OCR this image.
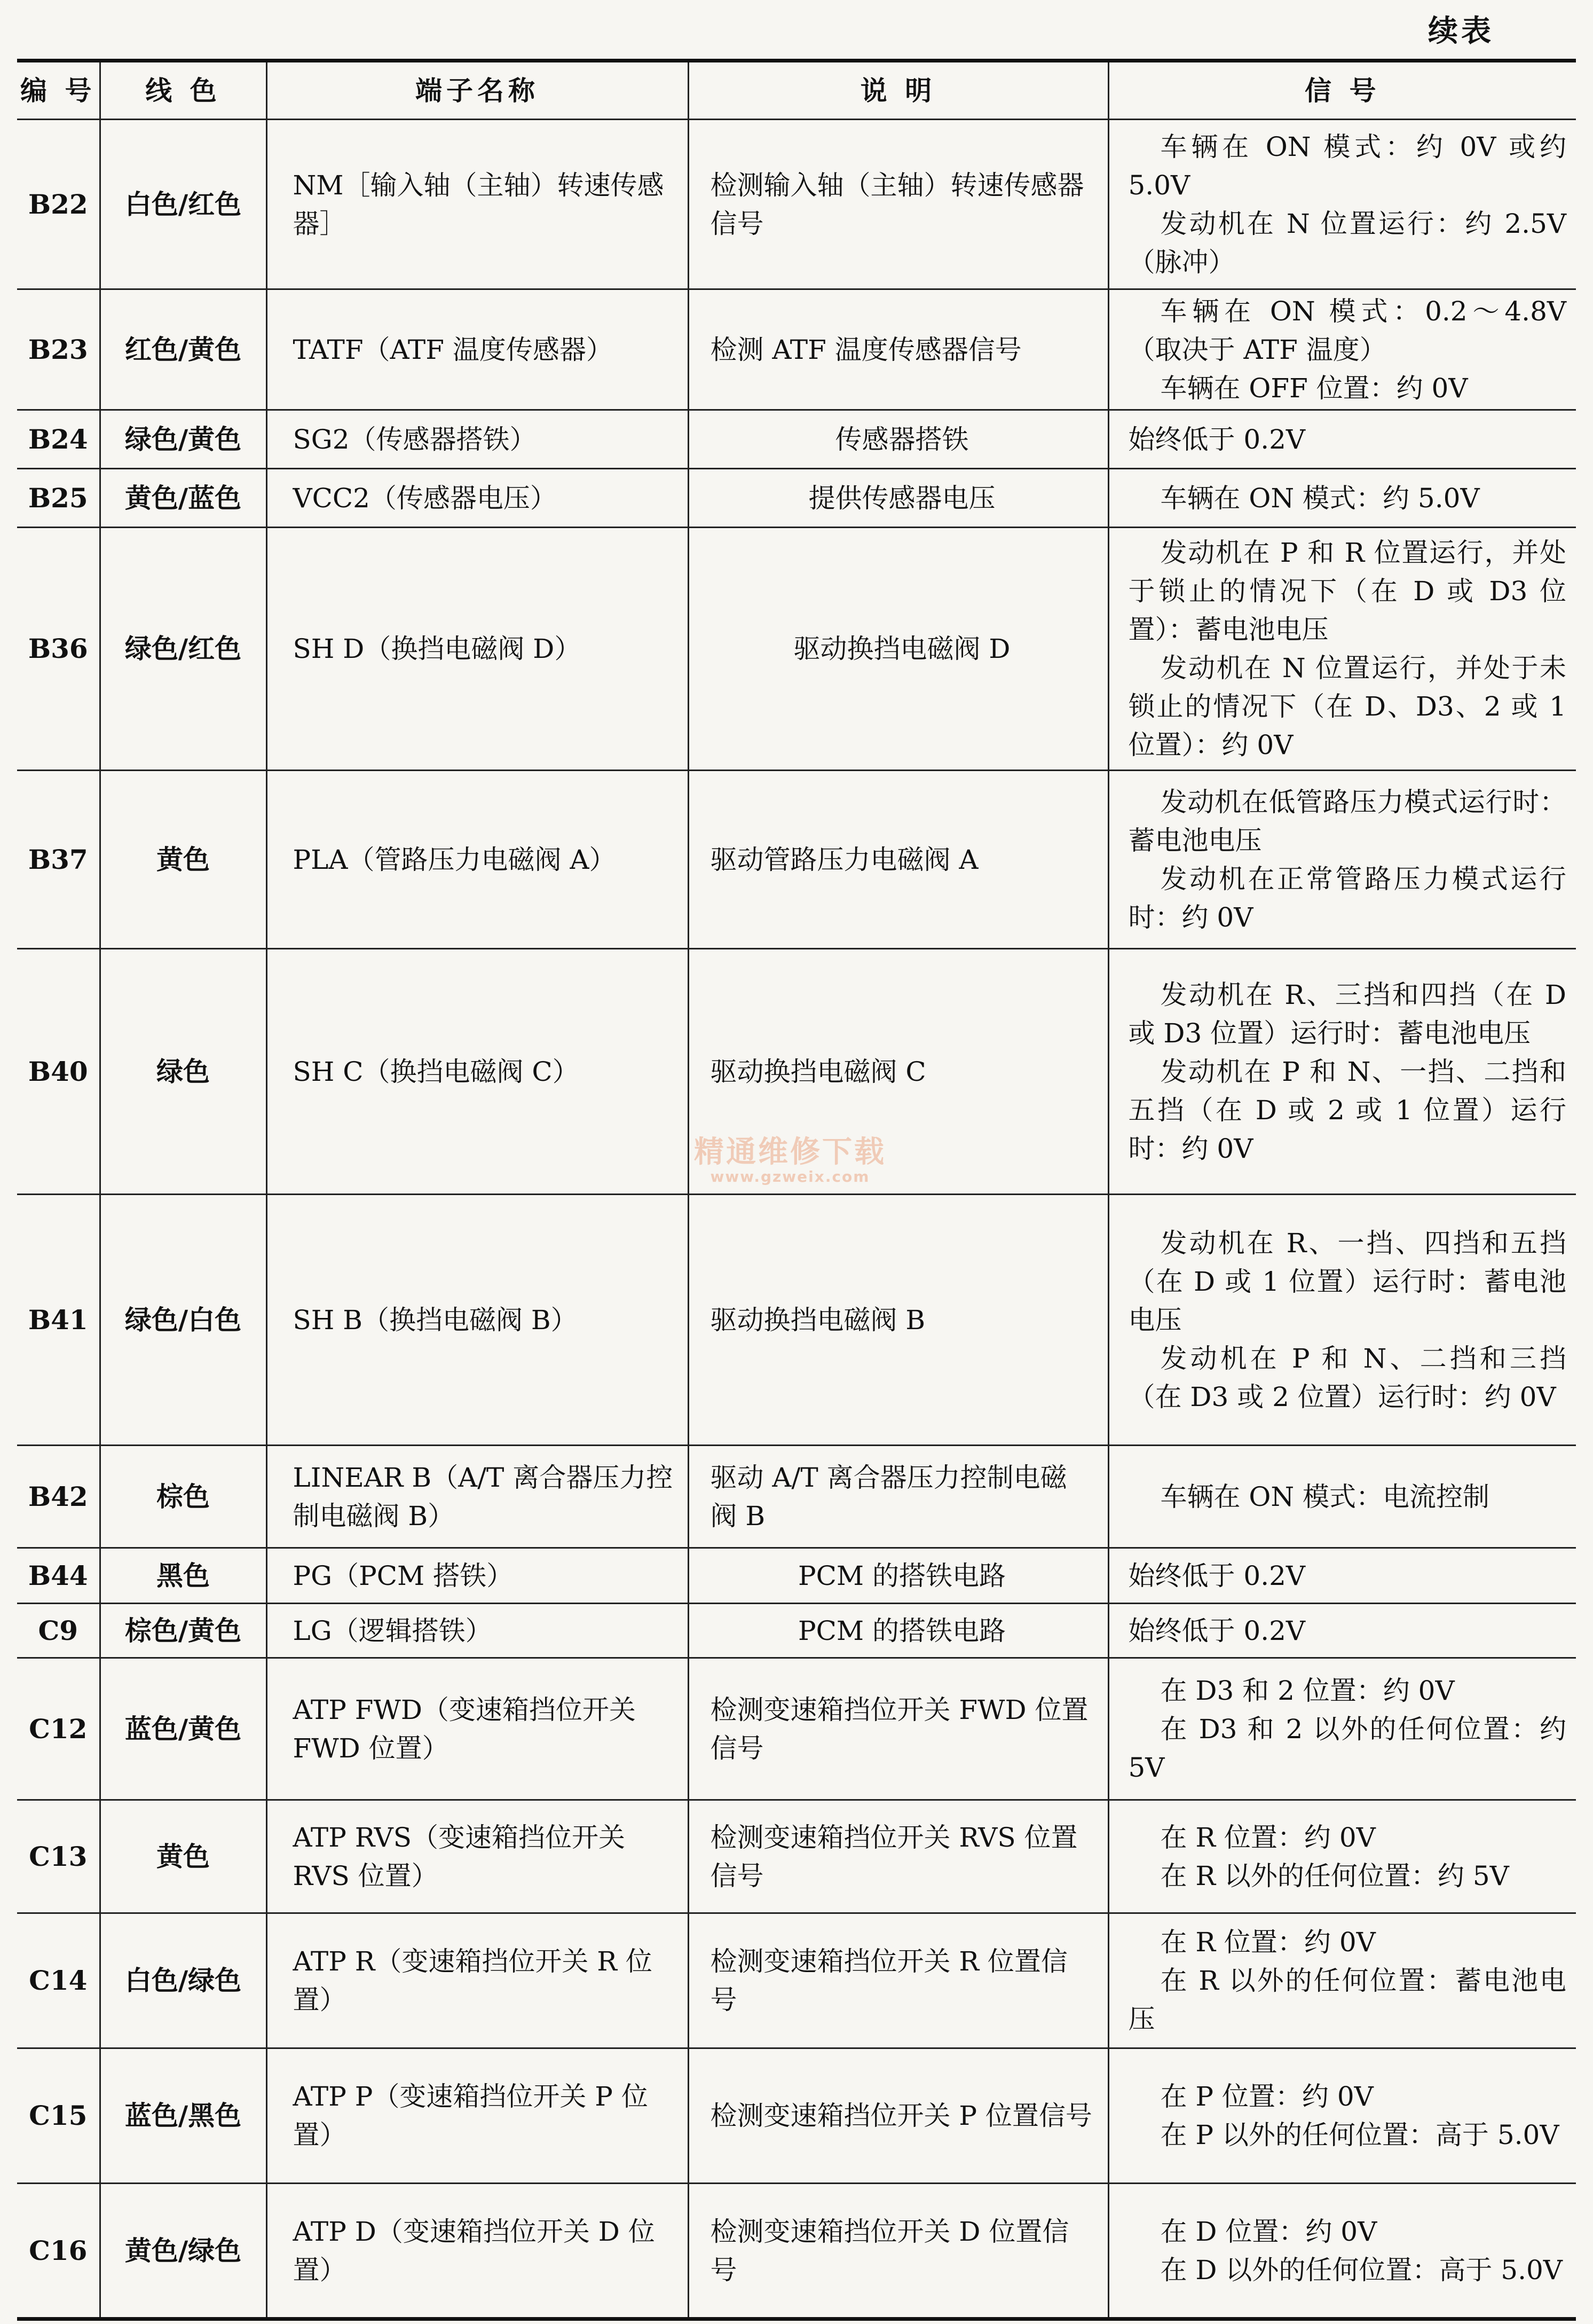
续表
编 号	线 色	端子名称	说 明	信 号
B22	白色/红色	NM［输入轴（主轴）转速传感器］	检测输入轴（主轴）转速传感器信号	车辆在 ON 模式：约 0V 或约 5.0V
发动机在 N 位置运行：约 2.5V（脉冲）

B23	红色/黄色	TATF（ATF 温度传感器）	检测 ATF 温度传感器信号	车辆在 ON 模式：0.2～4.8V（取决于 ATF 温度）
车辆在 OFF 位置：约 0V

B24	绿色/黄色	SG2（传感器搭铁）	传感器搭铁	始终低于 0.2V

B25	黄色/蓝色	VCC2（传感器电压）	提供传感器电压	车辆在 ON 模式：约 5.0V

B36	绿色/红色	SH D（换挡电磁阀 D）	驱动换挡电磁阀 D	发动机在 P 和 R 位置运行，并处于锁止的情况下（在 D 或 D3 位置）：蓄电池电压
发动机在 N 位置运行，并处于未锁止的情况下（在 D、D3、2 或 1 位置）：约 0V

B37	黄色	PLA（管路压力电磁阀 A）	驱动管路压力电磁阀 A	发动机在低管路压力模式运行时：蓄电池电压
发动机在正常管路压力模式运行时：约 0V

B40	绿色	SH C（换挡电磁阀 C）	驱动换挡电磁阀 C	发动机在 R、三挡和四挡（在 D 或 D3 位置）运行时：蓄电池电压
发动机在 P 和 N、一挡、二挡和五挡（在 D 或 2 或 1 位置）运行时：约 0V

B41	绿色/白色	SH B（换挡电磁阀 B）	驱动换挡电磁阀 B	发动机在 R、一挡、四挡和五挡（在 D 或 1 位置）运行时：蓄电池电压
发动机在 P 和 N、二挡和三挡（在 D3 或 2 位置）运行时：约 0V

B42	棕色	LINEAR B（A/T 离合器压力控制电磁阀 B）	驱动 A/T 离合器压力控制电磁阀 B	车辆在 ON 模式：电流控制

B44	黑色	PG（PCM 搭铁）	PCM 的搭铁电路	始终低于 0.2V

C9	棕色/黄色	LG（逻辑搭铁）	PCM 的搭铁电路	始终低于 0.2V

C12	蓝色/黄色	ATP FWD（变速箱挡位开关 FWD 位置）	检测变速箱挡位开关 FWD 位置信号	在 D3 和 2 位置：约 0V
在 D3 和 2 以外的任何位置：约 5V

C13	黄色	ATP RVS（变速箱挡位开关 RVS 位置）	检测变速箱挡位开关 RVS 位置信号	在 R 位置：约 0V
在 R 以外的任何位置：约 5V

C14	白色/绿色	ATP R（变速箱挡位开关 R 位置）	检测变速箱挡位开关 R 位置信号	在 R 位置：约 0V
在 R 以外的任何位置：蓄电池电压

C15	蓝色/黑色	ATP P（变速箱挡位开关 P 位置）	检测变速箱挡位开关 P 位置信号	在 P 位置：约 0V
在 P 以外的任何位置：高于 5.0V

C16	黄色/绿色	ATP D（变速箱挡位开关 D 位置）	检测变速箱挡位开关 D 位置信号	在 D 位置：约 0V
在 D 以外的任何位置：高于 5.0V
精通维修下载
www.gzweix.com
